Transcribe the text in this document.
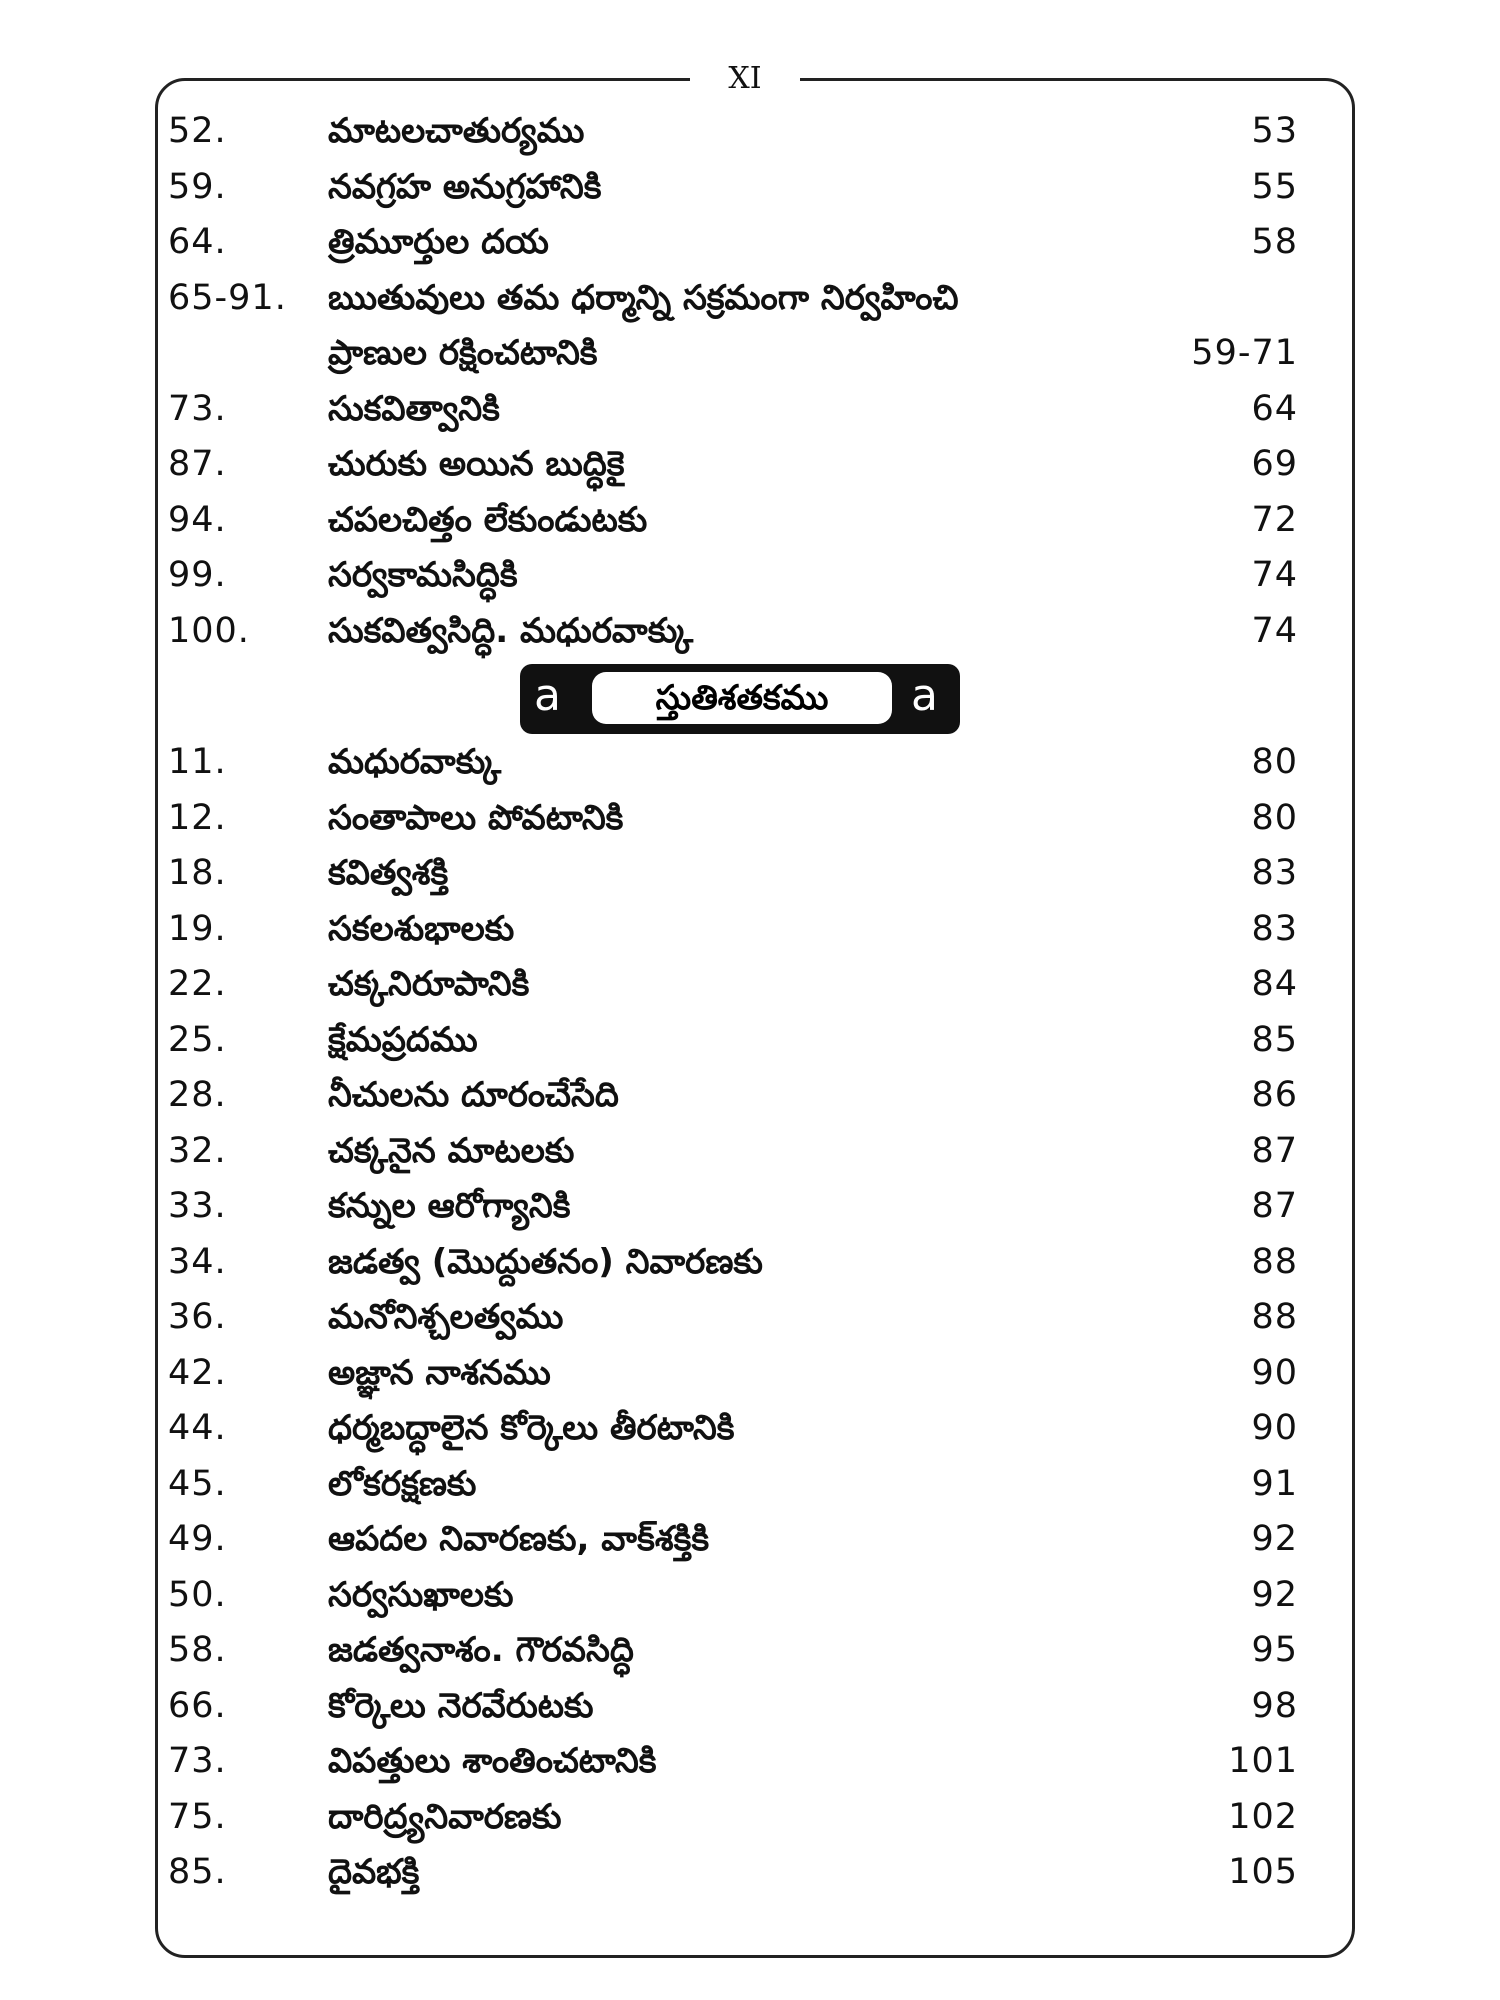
XI
52.	మాటలచాతుర్యము	53
59.	నవగ్రహ అనుగ్రహానికి	55
64.	త్రిమూర్తుల దయ	58
65-91. ఋతువులు తమ ధర్మాన్ని సక్రమంగా నిర్వహించి
ప్రాణుల రక్షించటానికి	59-71
73.	సుకవిత్వానికి	64
87.	చురుకు అయిన బుద్ధికై	69
94.	చపలచిత్తం లేకుండుటకు	72
99.	సర్వకామసిద్ధికి	74
100. సుకవిత్వసిద్ధి. మధురవాక్కు	74
a	స్తుతిశతకము	a
11.	మధురవాక్కు	80
12.	సంతాపాలు పోవటానికి	80
18.	కవిత్వశక్తి	83
19.	సకలశుభాలకు	83
22.	చక్కనిరూపానికి	84
25.	క్షేమప్రదము	85
28.	నీచులను దూరంచేసేది	86
32.	చక్కనైన మాటలకు	87
33.	కన్నుల ఆరోగ్యానికి	87
34.	జడత్వ (మొద్దుతనం) నివారణకు	88
36.	మనోనిశ్చలత్వము	88
42.	అజ్ఞాన నాశనము	90
44.	ధర్మబద్ధాలైన కోర్కెలు తీరటానికి	90
45.	లోకరక్షణకు	91
49.	ఆపదల నివారణకు, వాక్‌శక్తికి	92
50.	సర్వసుఖాలకు	92
58.	జడత్వనాశం. గౌరవసిద్ధి	95
66.	కోర్కెలు నెరవేరుటకు	98
73.	విపత్తులు శాంతించటానికి	101
75.	దారిద్ర్యనివారణకు	102
85.	దైవభక్తి	105
